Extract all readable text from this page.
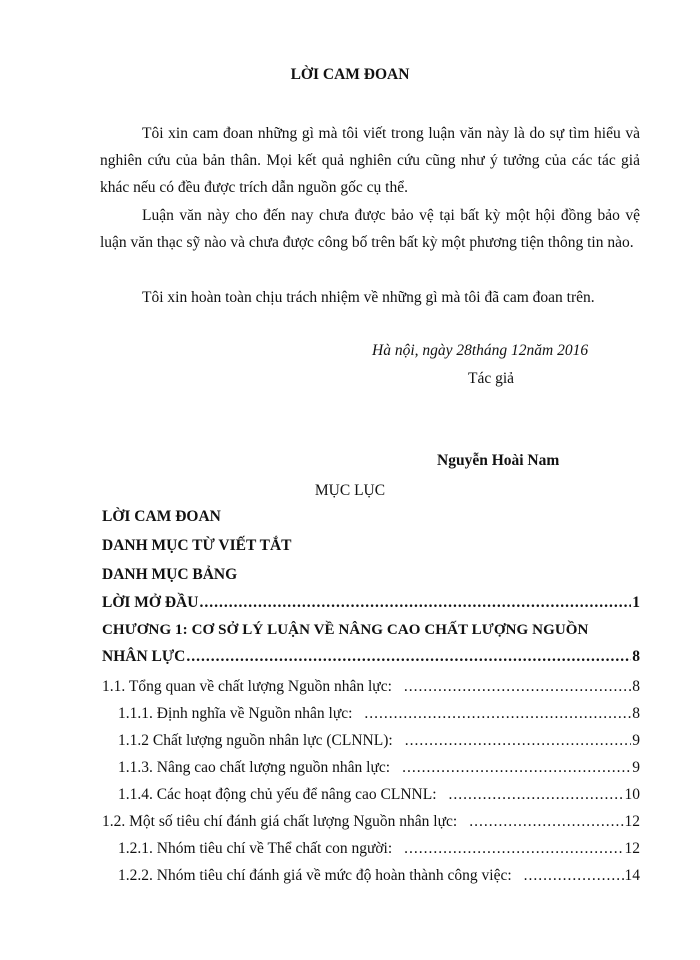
LỜI CAM ĐOAN

Tôi xin cam đoan những gì mà tôi viết trong luận văn này là do sự tìm hiểu và nghiên cứu của bản thân. Mọi kết quả nghiên cứu cũng như ý tưởng của các tác giả khác nếu có đều được trích dẫn nguồn gốc cụ thể.

Luận văn này cho đến nay chưa được bảo vệ tại bất kỳ một hội đồng bảo vệ luận văn thạc sỹ nào và chưa được công bố trên bất kỳ một phương tiện thông tin nào.

Tôi xin hoàn toàn chịu trách nhiệm về những gì mà tôi đã cam đoan trên.

Hà nội, ngày 28tháng 12năm 2016
Tác giả
Nguyễn Hoài Nam
MỤC LỤC
LỜI CAM ĐOAN
DANH MỤC TỪ VIẾT TẮT
DANH MỤC BẢNG
LỜI MỞ ĐẦU .....	1
CHƯƠNG 1: CƠ SỞ LÝ LUẬN VỀ NÂNG CAO CHẤT LƯỢNG NGUỒN
NHÂN LỰC .....	8
1.1. Tổng quan về chất lượng Nguồn nhân lực: .....	8
1.1.1. Định nghĩa về Nguồn nhân lực: .....	8
1.1.2 Chất lượng nguồn nhân lực (CLNNL): .....	9
1.1.3. Nâng cao chất lượng nguồn nhân lực: .....	9
1.1.4. Các hoạt động chủ yếu để nâng cao CLNNL: .....	10
1.2. Một số tiêu chí đánh giá chất lượng Nguồn nhân lực: .....	12
1.2.1. Nhóm tiêu chí về Thể chất con người: .....	12
1.2.2. Nhóm tiêu chí đánh giá về mức độ hoàn thành công việc: .....	14
